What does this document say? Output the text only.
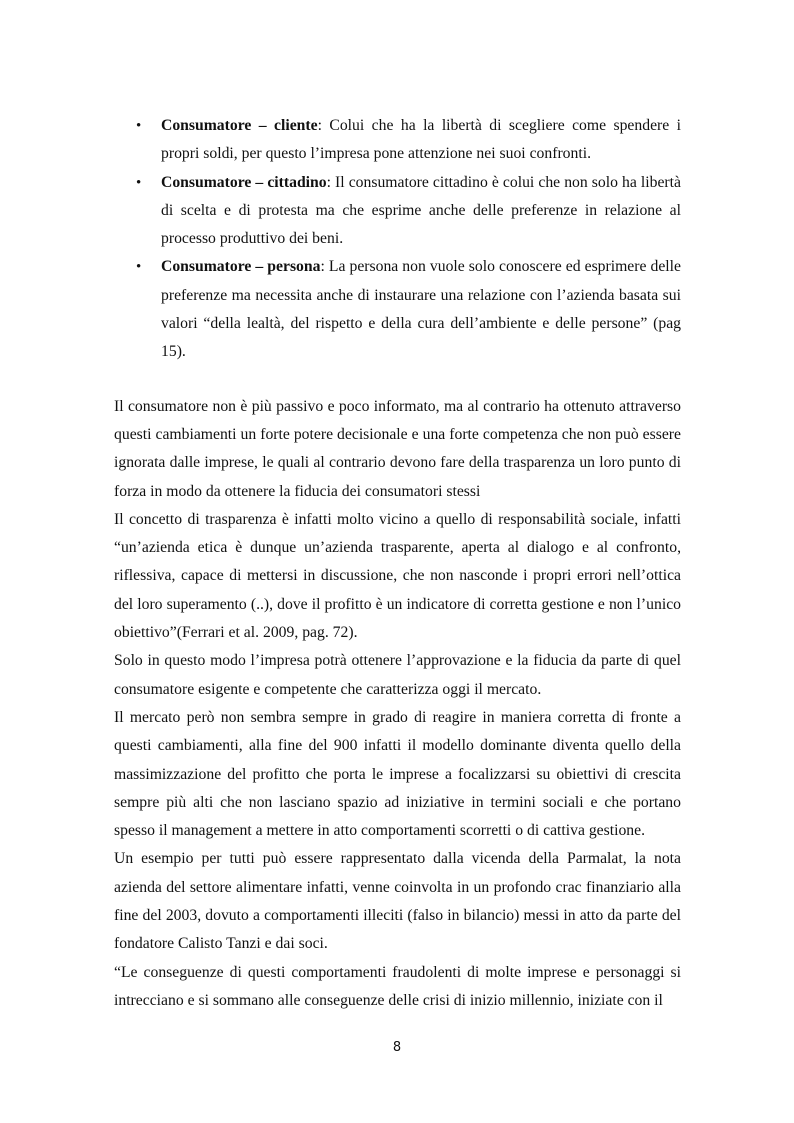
• Consumatore – cliente: Colui che ha la libertà di scegliere come spendere i propri soldi, per questo l’impresa pone attenzione nei suoi confronti.
• Consumatore – cittadino: Il consumatore cittadino è colui che non solo ha libertà di scelta e di protesta ma che esprime anche delle preferenze in relazione al processo produttivo dei beni.
• Consumatore – persona: La persona non vuole solo conoscere ed esprimere delle preferenze ma necessita anche di instaurare una relazione con l’azienda basata sui valori “della lealtà, del rispetto e della cura dell’ambiente e delle persone” (pag 15).

Il consumatore non è più passivo e poco informato, ma al contrario ha ottenuto attraverso questi cambiamenti un forte potere decisionale e una forte competenza che non può essere ignorata dalle imprese, le quali al contrario devono fare della trasparenza un loro punto di forza in modo da ottenere la fiducia dei consumatori stessi

Il concetto di trasparenza è infatti molto vicino a quello di responsabilità sociale, infatti “un’azienda etica è dunque un’azienda trasparente, aperta al dialogo e al confronto, riflessiva, capace di mettersi in discussione, che non nasconde i propri errori nell’ottica del loro superamento (..), dove il profitto è un indicatore di corretta gestione e non l’unico obiettivo”(Ferrari et al. 2009, pag. 72).

Solo in questo modo l’impresa potrà ottenere l’approvazione e la fiducia da parte di quel consumatore esigente e competente che caratterizza oggi il mercato.

Il mercato però non sembra sempre in grado di reagire in maniera corretta di fronte a questi cambiamenti, alla fine del 900 infatti il modello dominante diventa quello della massimizzazione del profitto che porta le imprese a focalizzarsi su obiettivi di crescita sempre più alti che non lasciano spazio ad iniziative in termini sociali e che portano spesso il management a mettere in atto comportamenti scorretti o di cattiva gestione.

Un esempio per tutti può essere rappresentato dalla vicenda della Parmalat, la nota azienda del settore alimentare infatti, venne coinvolta in un profondo crac finanziario alla fine del 2003, dovuto a comportamenti illeciti (falso in bilancio) messi in atto da parte del fondatore Calisto Tanzi e dai soci.

“Le conseguenze di questi comportamenti fraudolenti di molte imprese e personaggi si intrecciano e si sommano alle conseguenze delle crisi di inizio millennio, iniziate con il

8
